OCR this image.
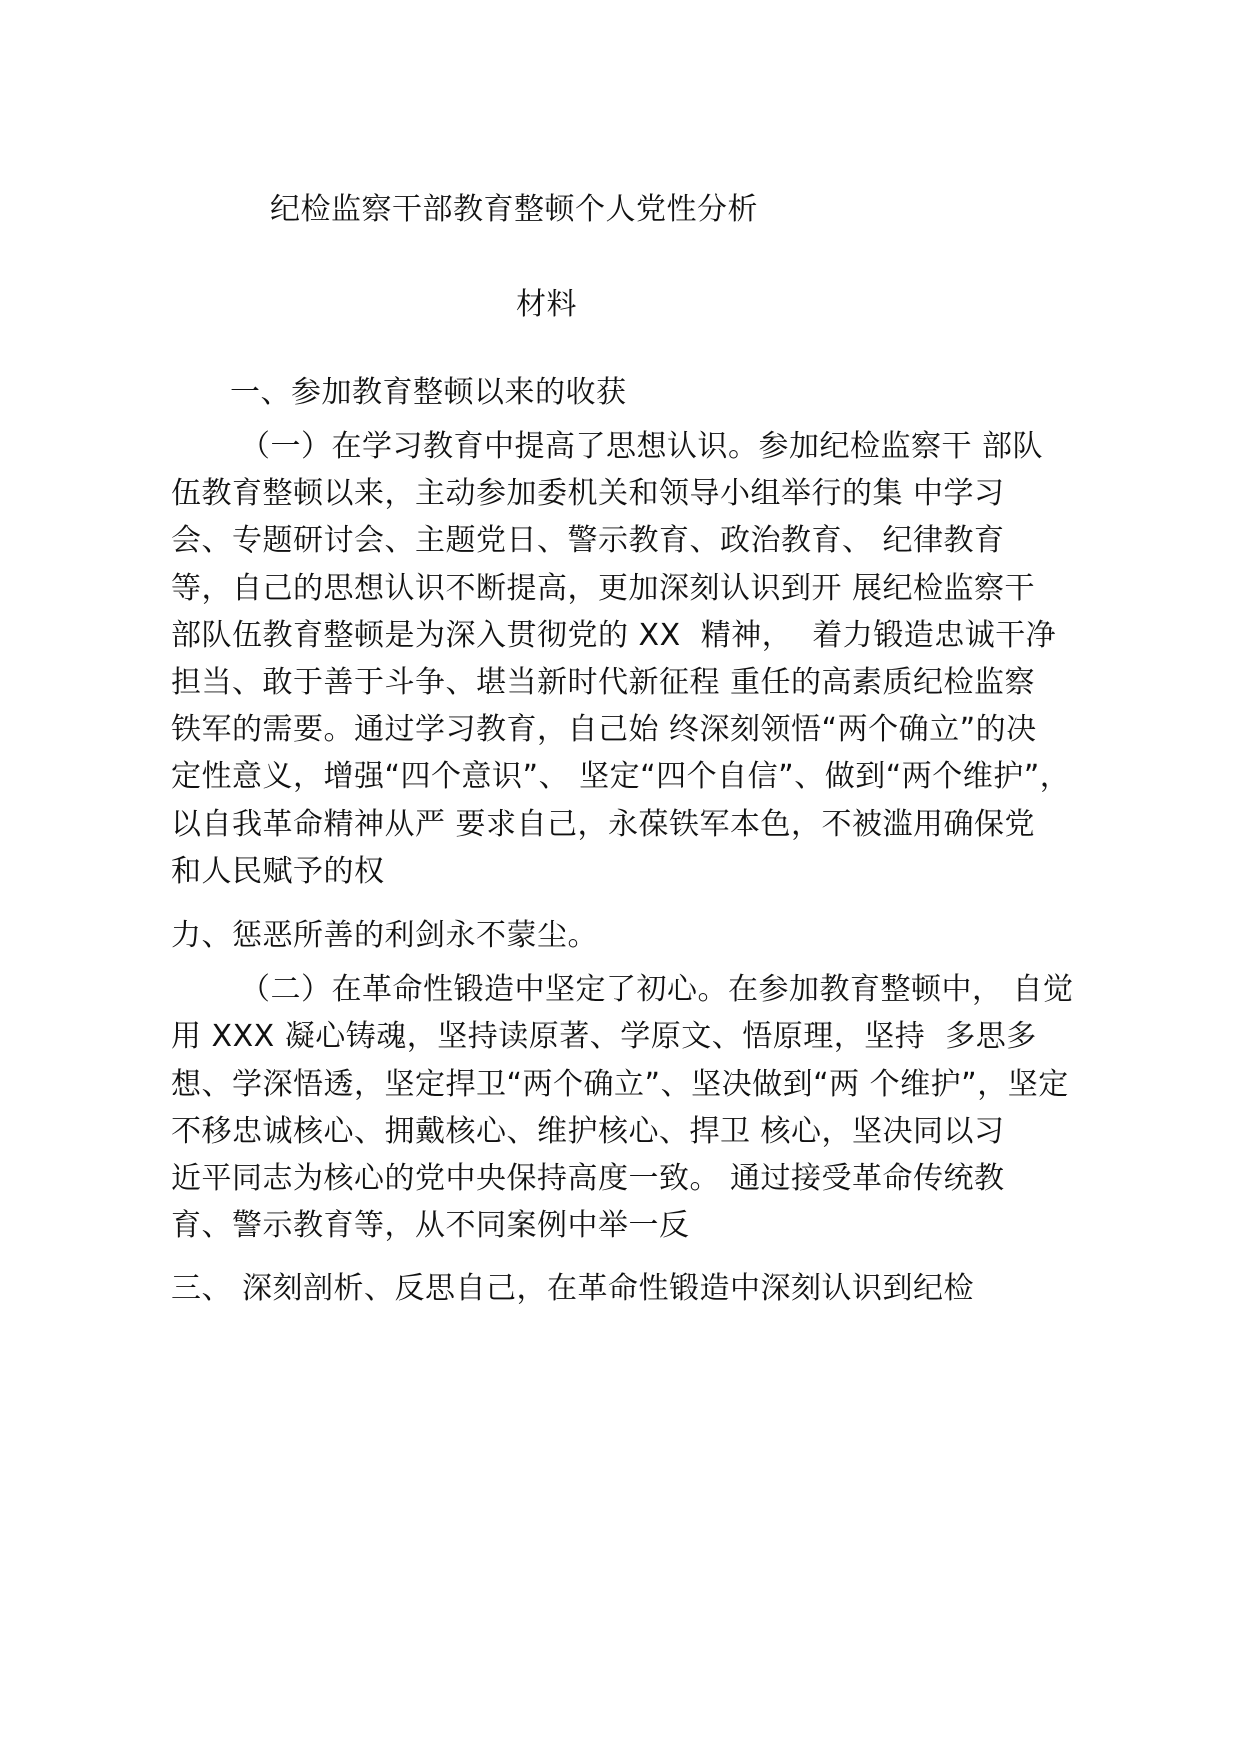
纪检监察干部教育整顿个人党性分析
材料
一、参加教育整顿以来的收获
（一）在学习教育中提高了思想认识。参加纪检监察干 部队
伍教育整顿以来，主动参加委机关和领导小组举行的集 中学习
会、专题研讨会、主题党日、警示教育、政治教育、 纪律教育
等，自己的思想认识不断提高，更加深刻认识到开 展纪检监察干
部队伍教育整顿是为深入贯彻党的 XX  精神，  着力锻造忠诚干净
担当、敢于善于斗争、堪当新时代新征程 重任的高素质纪检监察
铁军的需要。通过学习教育，自己始 终深刻领悟“两个确立”的决
定性意义，增强“四个意识”、 坚定“四个自信”、做到“两个维护”，
以自我革命精神从严 要求自己，永葆铁军本色，不被滥用确保党
和人民赋予的权
力、惩恶所善的利剑永不蒙尘。
（二）在革命性锻造中坚定了初心。在参加教育整顿中， 自觉
用 XXX 凝心铸魂，坚持读原著、学原文、悟原理，坚持  多思多
想、学深悟透，坚定捍卫“两个确立”、坚决做到“两 个维护”，坚定
不移忠诚核心、拥戴核心、维护核心、捍卫 核心，坚决同以习
近平同志为核心的党中央保持高度一致。 通过接受革命传统教
育、警示教育等，从不同案例中举一反
三、 深刻剖析、反思自己，在革命性锻造中深刻认识到纪检
